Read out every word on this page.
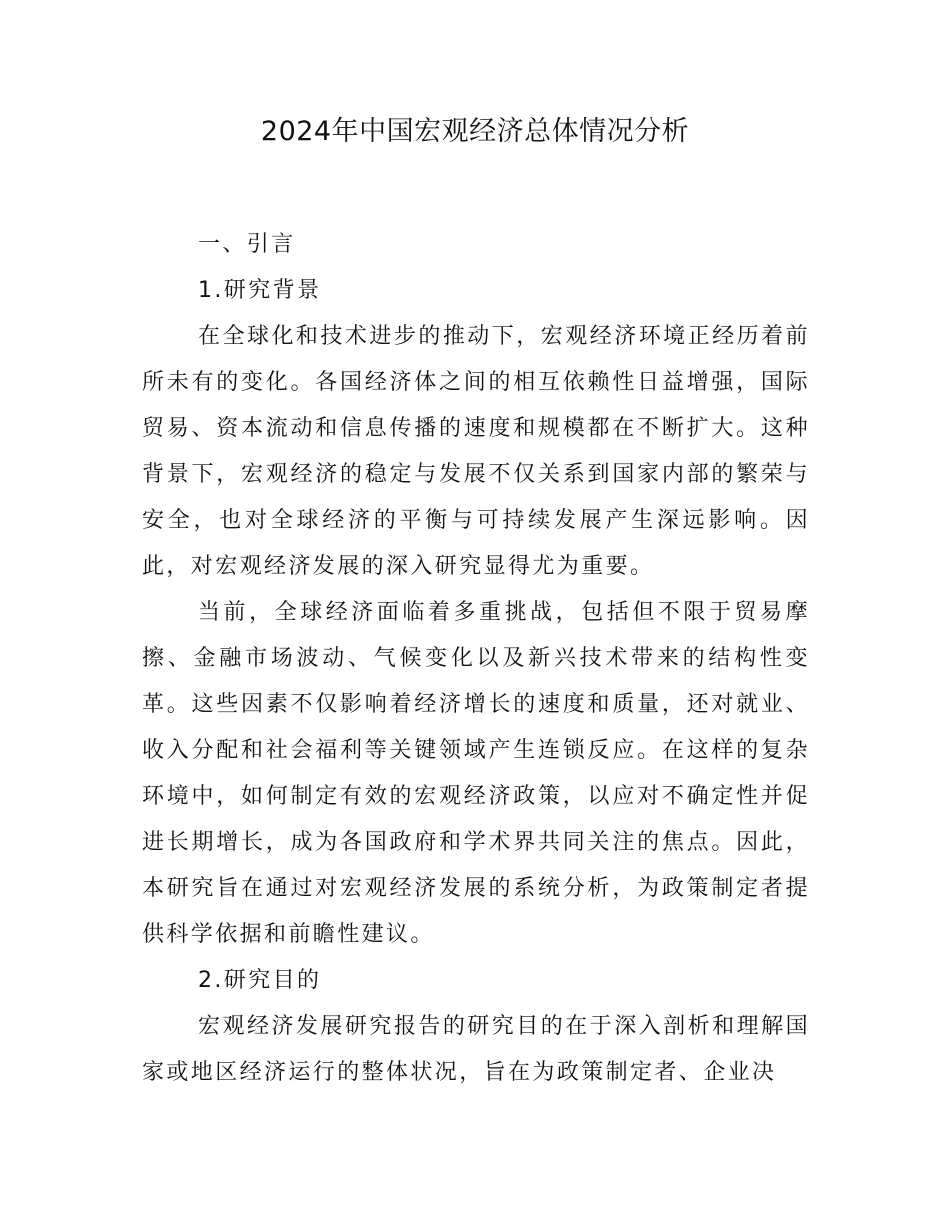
2024年中国宏观经济总体情况分析
一、引言
1.研究背景

在全球化和技术进步的推动下，宏观经济环境正经历着前所未有的变化。各国经济体之间的相互依赖性日益增强，国际贸易、资本流动和信息传播的速度和规模都在不断扩大。这种背景下，宏观经济的稳定与发展不仅关系到国家内部的繁荣与安全，也对全球经济的平衡与可持续发展产生深远影响。因此，对宏观经济发展的深入研究显得尤为重要。

当前，全球经济面临着多重挑战，包括但不限于贸易摩擦、金融市场波动、气候变化以及新兴技术带来的结构性变革。这些因素不仅影响着经济增长的速度和质量，还对就业、收入分配和社会福利等关键领域产生连锁反应。在这样的复杂环境中，如何制定有效的宏观经济政策，以应对不确定性并促进长期增长，成为各国政府和学术界共同关注的焦点。因此，本研究旨在通过对宏观经济发展的系统分析，为政策制定者提供科学依据和前瞻性建议。

2.研究目的

宏观经济发展研究报告的研究目的在于深入剖析和理解国家或地区经济运行的整体状况，旨在为政策制定者、企业决
